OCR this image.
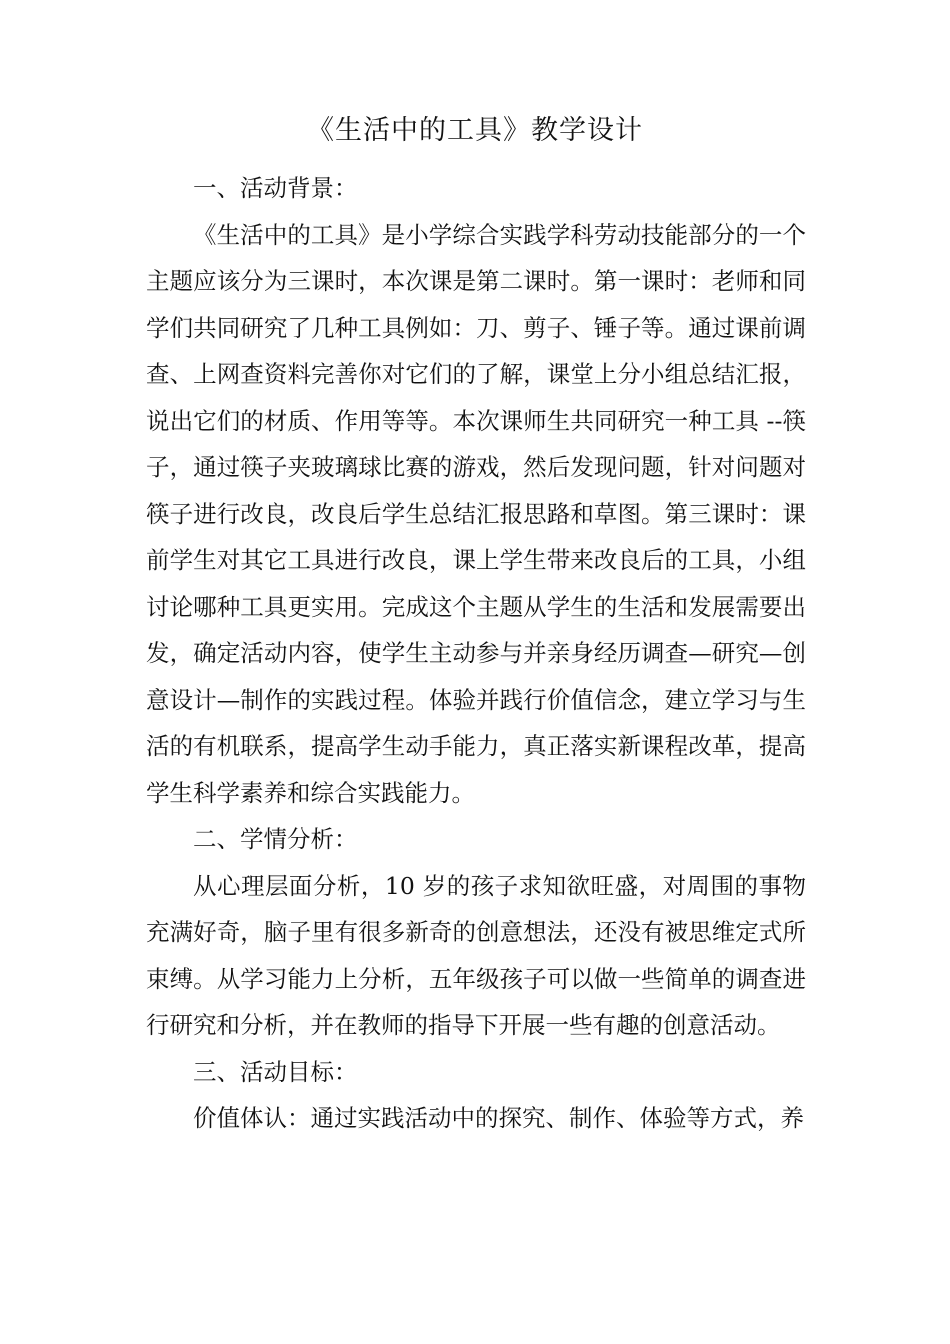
《生活中的工具》教学设计

一、活动背景：

《生活中的工具》是小学综合实践学科劳动技能部分的一个主题应该分为三课时，本次课是第二课时。第一课时：老师和同学们共同研究了几种工具例如：刀、剪子、锤子等。通过课前调查、上网查资料完善你对它们的了解，课堂上分小组总结汇报，说出它们的材质、作用等等。本次课师生共同研究一种工具 --筷子，通过筷子夹玻璃球比赛的游戏，然后发现问题，针对问题对筷子进行改良，改良后学生总结汇报思路和草图。第三课时：课前学生对其它工具进行改良，课上学生带来改良后的工具，小组讨论哪种工具更实用。完成这个主题从学生的生活和发展需要出发，确定活动内容，使学生主动参与并亲身经历调查—研究—创意设计—制作的实践过程。体验并践行价值信念，建立学习与生活的有机联系，提高学生动手能力，真正落实新课程改革，提高学生科学素养和综合实践能力。

二、学情分析：

从心理层面分析，10 岁的孩子求知欲旺盛，对周围的事物充满好奇，脑子里有很多新奇的创意想法，还没有被思维定式所束缚。从学习能力上分析，五年级孩子可以做一些简单的调查进行研究和分析，并在教师的指导下开展一些有趣的创意活动。

三、活动目标：

价值体认：通过实践活动中的探究、制作、体验等方式，养
